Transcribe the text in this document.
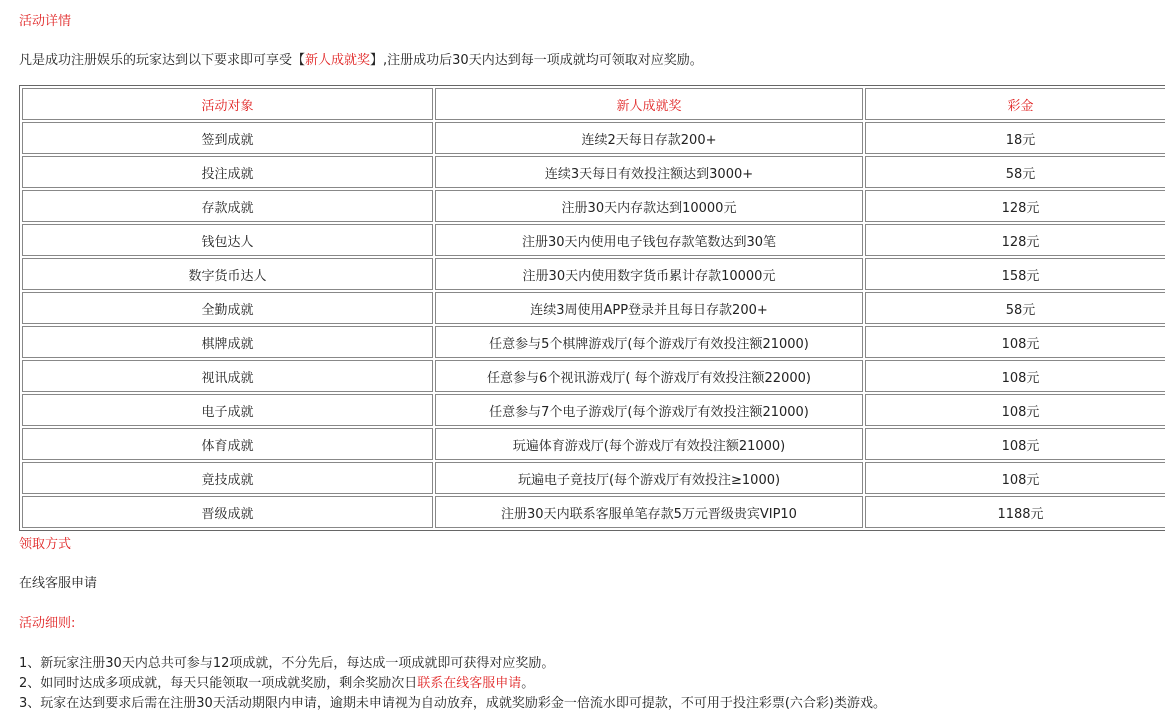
活动详情
凡是成功注册娱乐的玩家达到以下要求即可享受【新人成就奖】,注册成功后30天内达到每一项成就均可领取对应奖励。
活动对象	新人成就奖	彩金
签到成就	连续2天每日存款200+	18元
投注成就	连续3天每日有效投注额达到3000+	58元
存款成就	注册30天内存款达到10000元	128元
钱包达人	注册30天内使用电子钱包存款笔数达到30笔	128元
数字货币达人	注册30天内使用数字货币累计存款10000元	158元
全勤成就	连续3周使用APP登录并且每日存款200+	58元
棋牌成就	任意参与5个棋牌游戏厅(每个游戏厅有效投注额21000)	108元
视讯成就	任意参与6个视讯游戏厅( 每个游戏厅有效投注额22000)	108元
电子成就	任意参与7个电子游戏厅(每个游戏厅有效投注额21000)	108元
体育成就	玩遍体育游戏厅(每个游戏厅有效投注额21000)	108元
竟技成就	玩遍电子竟技厅(每个游戏厅有效投注≥1000)	108元
晋级成就	注册30天内联系客服单笔存款5万元晋级贵宾VIP10	1188元
领取方式
在线客服申请
活动细则:
1、新玩家注册30天内总共可参与12项成就，不分先后，每达成一项成就即可获得对应奖励。
2、如同时达成多项成就，每天只能领取一项成就奖励，剩余奖励次日联系在线客服申请。
3、玩家在达到要求后需在注册30天活动期限内申请，逾期未申请视为自动放弃，成就奖励彩金一倍流水即可提款，不可用于投注彩票(六合彩)类游戏。
